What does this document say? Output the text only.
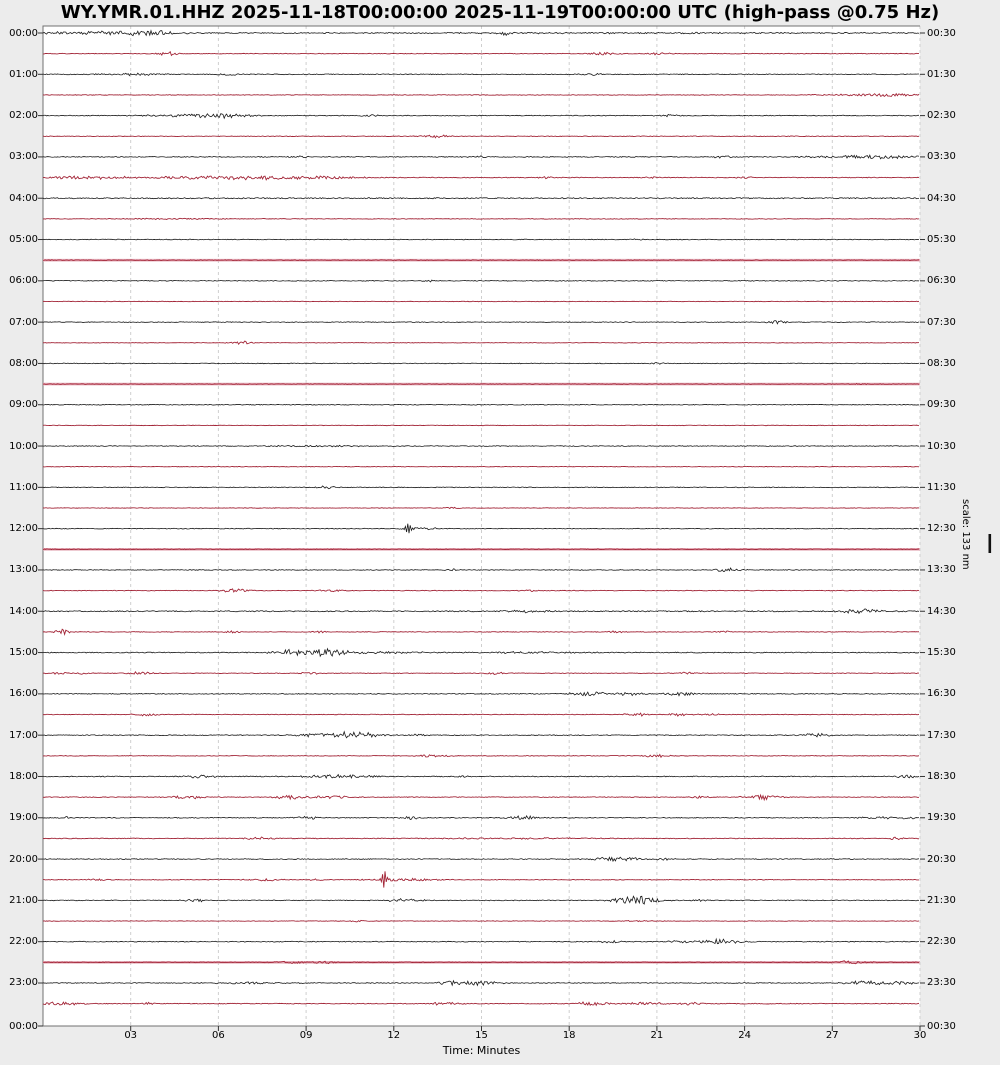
WY.YMR.01.HHZ 2025-11-18T00:00:00 2025-11-19T00:00:00 UTC (high-pass @0.75 Hz)
00:00
01:00
02:00
03:00
04:00
05:00
06:00
07:00
08:00
09:00
10:00
11:00
12:00
13:00
14:00
15:00
16:00
17:00
18:00
19:00
20:00
21:00
22:00
23:00
00:00
00:30
01:30
02:30
03:30
04:30
05:30
06:30
07:30
08:30
09:30
10:30
11:30
12:30
13:30
14:30
15:30
16:30
17:30
18:30
19:30
20:30
21:30
22:30
23:30
00:30
03	06	09	12	15	18	21	24	27	30
Time: Minutes
scale: 133 nm
